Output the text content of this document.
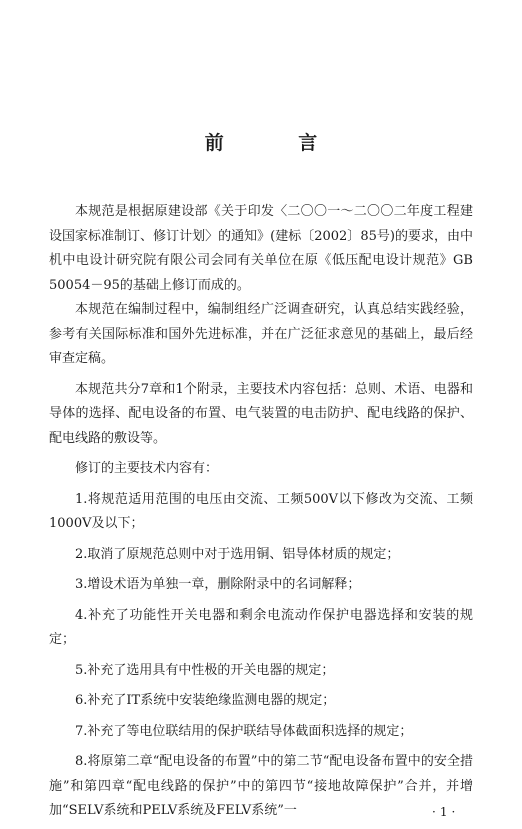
前 言

本规范是根据原建设部《关于印发〈二〇〇一～二〇〇二年度工程建设国家标准制订、修订计划〉的通知》(建标〔2002〕85号)的要求，由中机中电设计研究院有限公司会同有关单位在原《低压配电设计规范》GB 50054－95的基础上修订而成的。

本规范在编制过程中，编制组经广泛调查研究，认真总结实践经验，参考有关国际标准和国外先进标准，并在广泛征求意见的基础上，最后经审查定稿。

本规范共分7章和1个附录，主要技术内容包括：总则、术语、电器和导体的选择、配电设备的布置、电气装置的电击防护、配电线路的保护、配电线路的敷设等。

修订的主要技术内容有：

1.将规范适用范围的电压由交流、工频500V以下修改为交流、工频1000V及以下；

2.取消了原规范总则中对于选用铜、铝导体材质的规定；

3.增设术语为单独一章，删除附录中的名词解释；

4.补充了功能性开关电器和剩余电流动作保护电器选择和安装的规定；

5.补充了选用具有中性极的开关电器的规定；

6.补充了IT系统中安装绝缘监测电器的规定；

7.补充了等电位联结用的保护联结导体截面积选择的规定；

8.将原第二章“配电设备的布置”中的第二节“配电设备布置中的安全措施”和第四章“配电线路的保护”中的第四节“接地故障保护”合并，并增加“SELV系统和PELV系统及FELV系统”一	·1·
